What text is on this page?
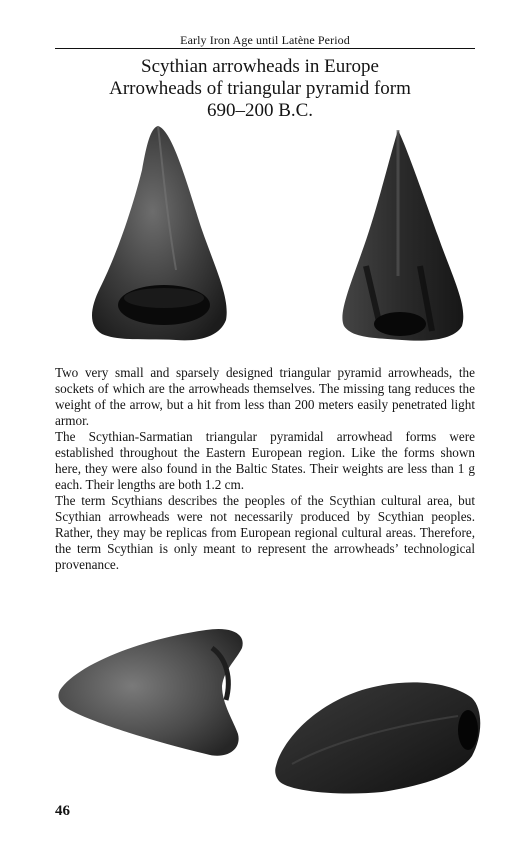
Early Iron Age until Latène Period
Scythian arrowheads in Europe
Arrowheads of triangular pyramid form
690–200 B.C.

Two very small and sparsely designed triangular pyramid arrowheads, the sockets of which are the arrowheads themselves. The missing tang reduces the weight of the arrow, but a hit from less than 200 meters easily penetrated light armor.

The Scythian-Sarmatian triangular pyramidal arrowhead forms were established throughout the Eastern European region. Like the forms shown here, they were also found in the Baltic States. Their weights are less than 1 g each. Their lengths are both 1.2 cm.

The term Scythians describes the peoples of the Scythian cultural area, but Scythian arrowheads were not necessarily produced by Scythian peoples. Rather, they may be replicas from European regional cultural areas. Therefore, the term Scythian is only meant to represent the arrowheads’ technological provenance.

46
